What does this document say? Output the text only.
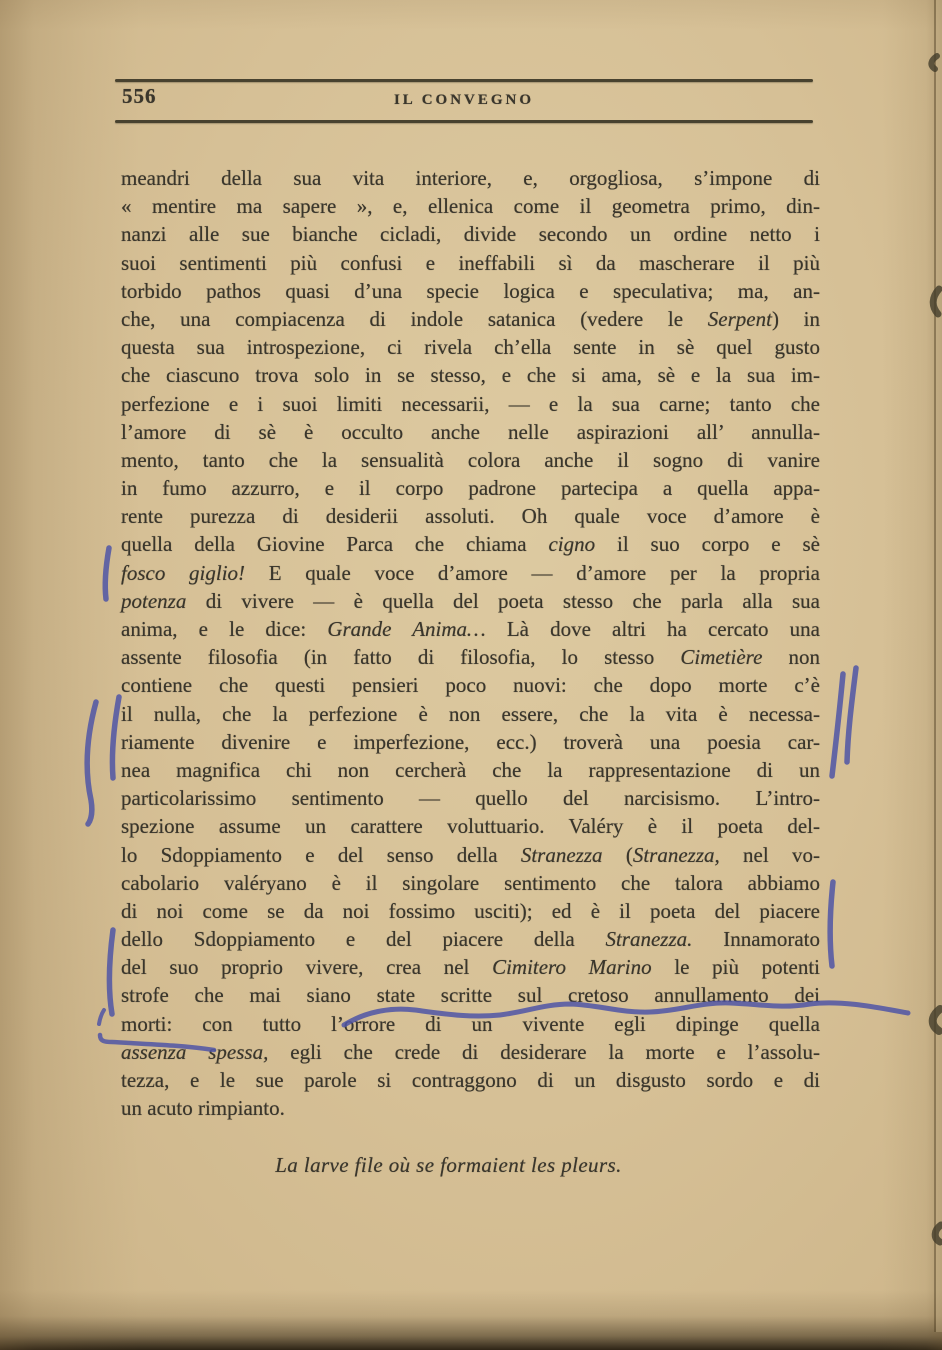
556	IL CONVEGNO
meandri della sua vita interiore, e, orgogliosa, s’impone di
« mentire ma sapere », e, ellenica come il geometra primo, din-
nanzi alle sue bianche cicladi, divide secondo un ordine netto i
suoi sentimenti più confusi e ineffabili sì da mascherare il più
torbido pathos quasi d’una specie logica e speculativa; ma, an-
che, una compiacenza di indole satanica (vedere le Serpent) in
questa sua introspezione, ci rivela ch’ella sente in sè quel gusto
che ciascuno trova solo in se stesso, e che si ama, sè e la sua im-
perfezione e i suoi limiti necessarii, — e la sua carne; tanto che
l’amore di sè è occulto anche nelle aspirazioni all’ annulla-
mento, tanto che la sensualità colora anche il sogno di vanire
in fumo azzurro, e il corpo padrone partecipa a quella appa-
rente purezza di desiderii assoluti. Oh quale voce d’amore è
quella della Giovine Parca che chiama cigno il suo corpo e sè
fosco giglio! E quale voce d’amore — d’amore per la propria
potenza di vivere — è quella del poeta stesso che parla alla sua
anima, e le dice: Grande Anima… Là dove altri ha cercato una
assente filosofia (in fatto di filosofia, lo stesso Cimetière non
contiene che questi pensieri poco nuovi: che dopo morte c’è
il nulla, che la perfezione è non essere, che la vita è necessa-
riamente divenire e imperfezione, ecc.) troverà una poesia car-
nea magnifica chi non cercherà che la rappresentazione di un
particolarissimo sentimento — quello del narcisismo. L’intro-
spezione assume un carattere voluttuario. Valéry è il poeta del-
lo Sdoppiamento e del senso della Stranezza (Stranezza, nel vo-
cabolario valéryano è il singolare sentimento che talora abbiamo
di noi come se da noi fossimo usciti); ed è il poeta del piacere
dello Sdoppiamento e del piacere della Stranezza. Innamorato
del suo proprio vivere, crea nel Cimitero Marino le più potenti
strofe che mai siano state scritte sul cretoso annullamento dei
morti: con tutto l’orrore di un vivente egli dipinge quella
assenza spessa, egli che crede di desiderare la morte e l’assolu-
tezza, e le sue parole si contraggono di un disgusto sordo e di
un acuto rimpianto.
La larve file où se formaient les pleurs.
